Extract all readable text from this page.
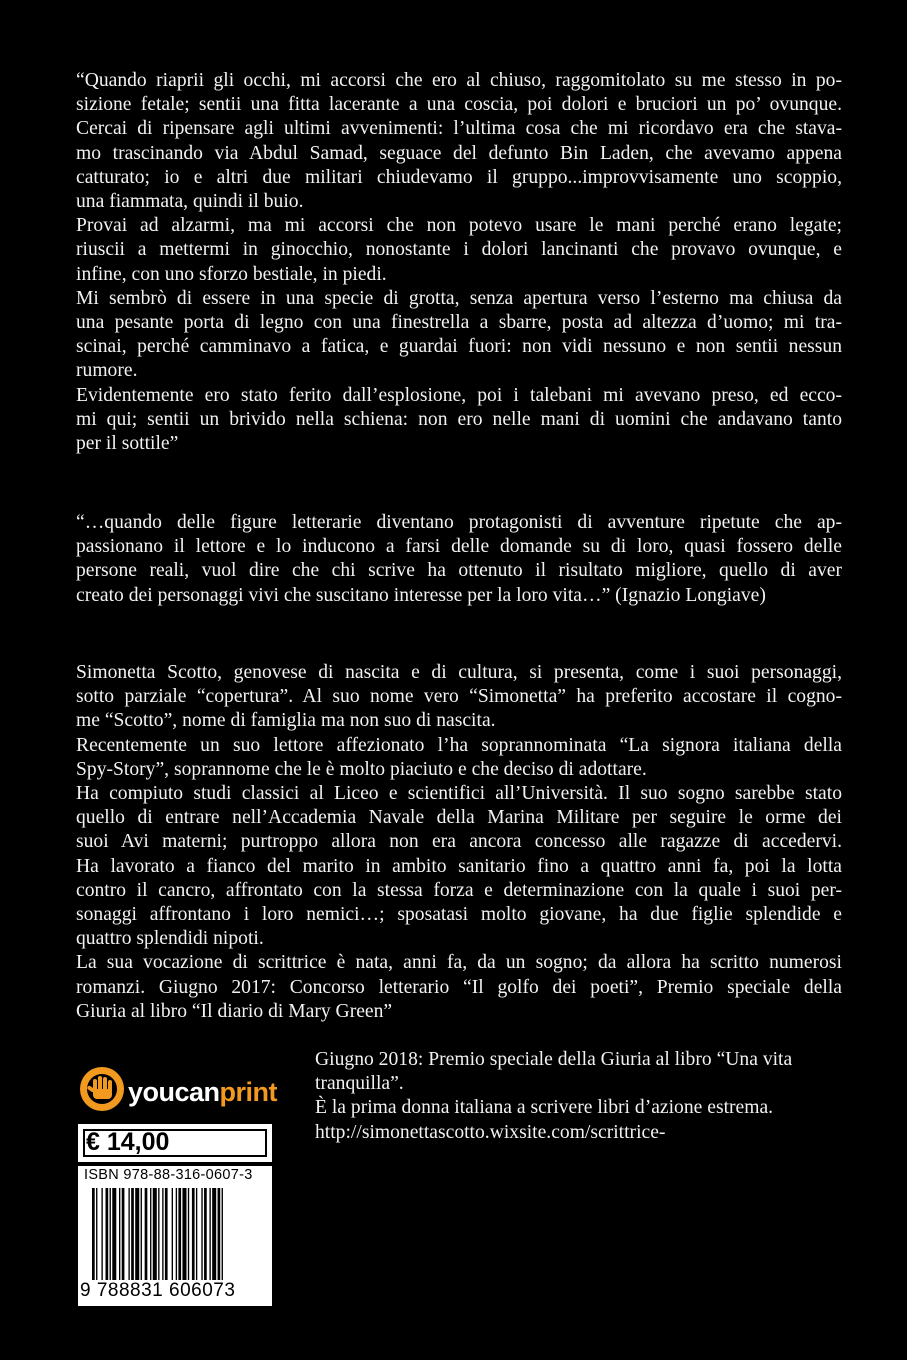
“Quando riaprii gli occhi, mi accorsi che ero al chiuso, raggomitolato su me stesso in po-
sizione fetale; sentii una fitta lacerante a una coscia, poi dolori e bruciori un po’ ovunque.
Cercai di ripensare agli ultimi avvenimenti: l’ultima cosa che mi ricordavo era che stava-
mo trascinando via Abdul Samad, seguace del defunto Bin Laden, che avevamo appena
catturato; io e altri due militari chiudevamo il gruppo...improvvisamente uno scoppio,
una fiammata, quindi il buio.
Provai ad alzarmi, ma mi accorsi che non potevo usare le mani perché erano legate;
riuscii a mettermi in ginocchio, nonostante i dolori lancinanti che provavo ovunque, e
infine, con uno sforzo bestiale, in piedi.
Mi sembrò di essere in una specie di grotta, senza apertura verso l’esterno ma chiusa da
una pesante porta di legno con una finestrella a sbarre, posta ad altezza d’uomo; mi tra-
scinai, perché camminavo a fatica, e guardai fuori: non vidi nessuno e non sentii nessun
rumore.
Evidentemente ero stato ferito dall’esplosione, poi i talebani mi avevano preso, ed ecco-
mi qui; sentii un brivido nella schiena: non ero nelle mani di uomini che andavano tanto
per il sottile”
“…quando delle figure letterarie diventano protagonisti di avventure ripetute che ap-
passionano il lettore e lo inducono a farsi delle domande su di loro, quasi fossero delle
persone reali, vuol dire che chi scrive ha ottenuto il risultato migliore, quello di aver
creato dei personaggi vivi che suscitano interesse per la loro vita…” (Ignazio Longiave)
Simonetta Scotto, genovese di nascita e di cultura, si presenta, come i suoi personaggi,
sotto parziale “copertura”. Al suo nome vero “Simonetta” ha preferito accostare il cogno-
me “Scotto”, nome di famiglia ma non suo di nascita.
Recentemente un suo lettore affezionato l’ha soprannominata “La signora italiana della
Spy-Story”, soprannome che le è molto piaciuto e che deciso di adottare.
Ha compiuto studi classici al Liceo e scientifici all’Università. Il suo sogno sarebbe stato
quello di entrare nell’Accademia Navale della Marina Militare per seguire le orme dei
suoi Avi materni; purtroppo allora non era ancora concesso alle ragazze di accedervi.
Ha lavorato a fianco del marito in ambito sanitario fino a quattro anni fa, poi la lotta
contro il cancro, affrontato con la stessa forza e determinazione con la quale i suoi per-
sonaggi affrontano i loro nemici…; sposatasi molto giovane, ha due figlie splendide e
quattro splendidi nipoti.
La sua vocazione di scrittrice è nata, anni fa, da un sogno; da allora ha scritto numerosi
romanzi. Giugno 2017: Concorso letterario “Il golfo dei poeti”, Premio speciale della
Giuria al libro “Il diario di Mary Green”
Giugno 2018: Premio speciale della Giuria al libro “Una vita
tranquilla”.
È la prima donna italiana a scrivere libri d’azione estrema.
http://simonettascotto.wixsite.com/scrittrice-
youcanprint
€ 14,00
ISBN 978-88-316-0607-3
9 788831 606073
